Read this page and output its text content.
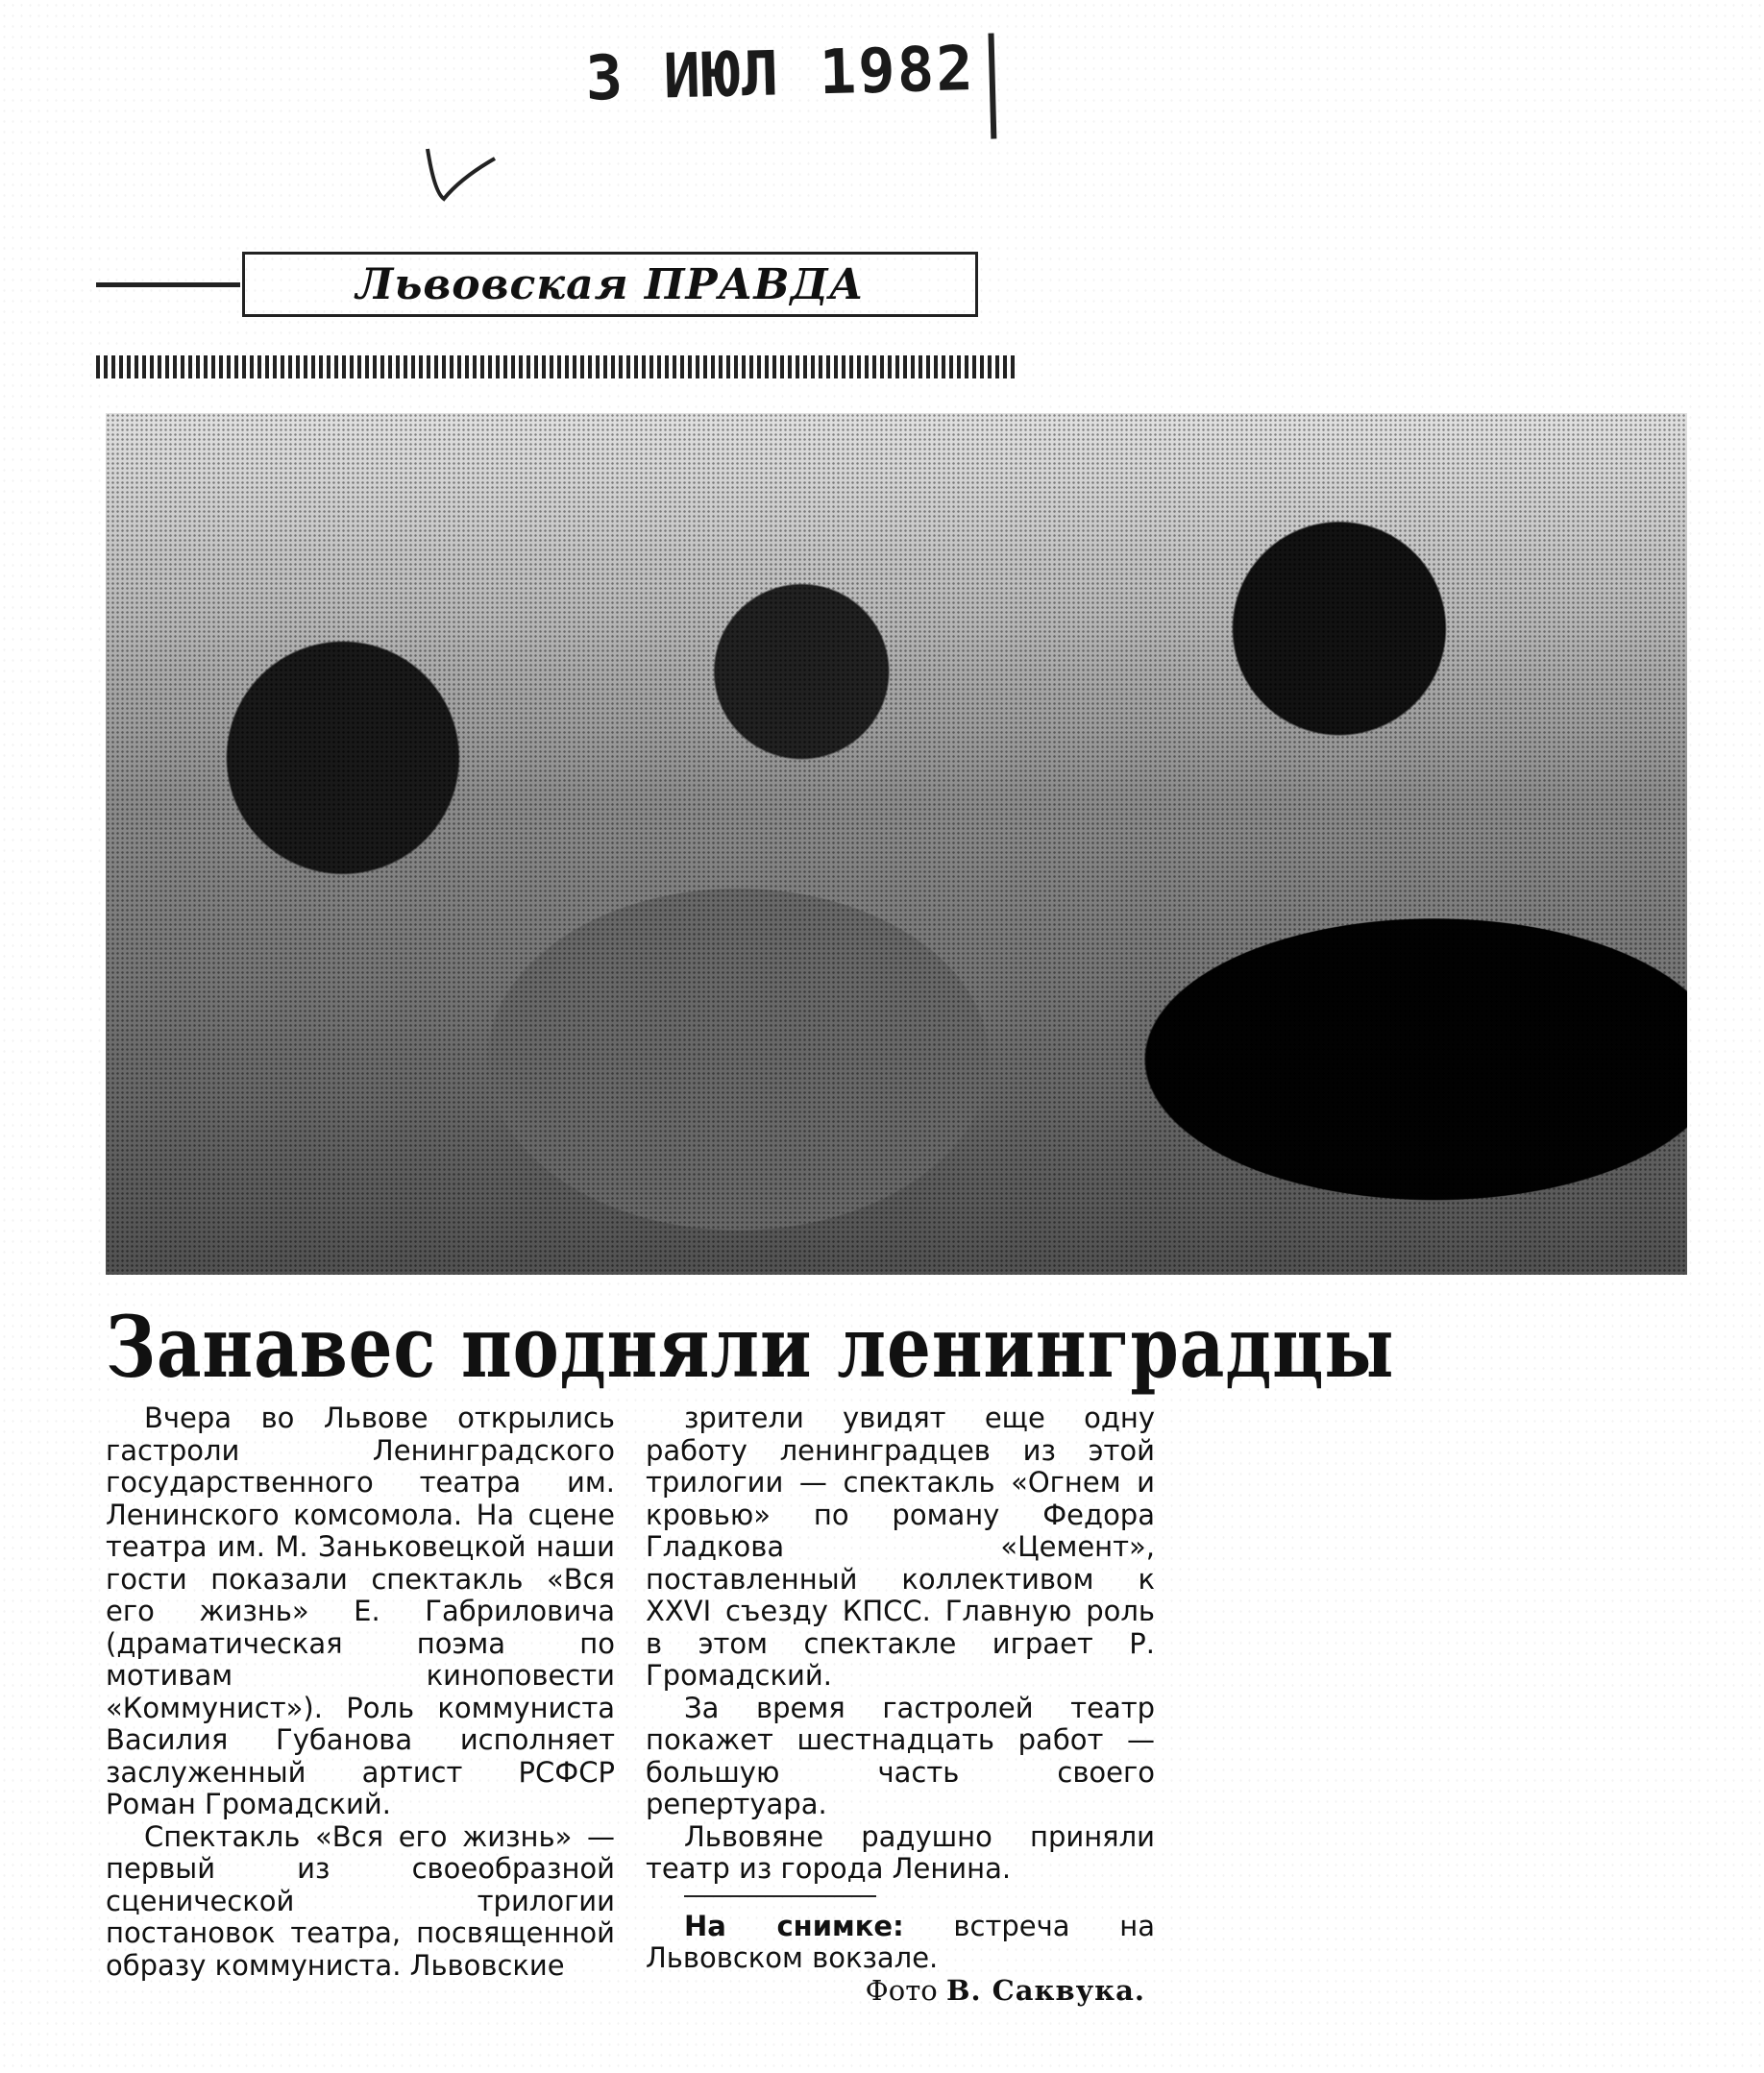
3 ИЮЛ 1982
Львовская ПРАВДА
Занавес подняли ленинградцы

Вчера во Львове открылись гастроли Ленинградского государственного театра им. Ленинского комсомола. На сцене театра им. М. Заньковецкой наши гости показали спектакль «Вся его жизнь» Е. Габриловича (драматическая поэма по мотивам киноповести «Коммунист»). Роль коммуниста Василия Губанова исполняет заслуженный артист РСФСР Роман Громадский.

Спектакль «Вся его жизнь» — первый из своеобразной сценической трилогии постановок театра, посвященной образу коммуниста. Львовские

зрители увидят еще одну работу ленинградцев из этой трилогии — спектакль «Огнем и кровью» по роману Федора Гладкова «Цемент», поставленный коллективом к XXVI съезду КПСС. Главную роль в этом спектакле играет Р. Громадский.

За время гастролей театр покажет шестнадцать работ — большую часть своего репертуара.

Львовяне радушно приняли театр из города Ленина.

На снимке: встреча на Львовском вокзале.

Фото В. Саквука.
